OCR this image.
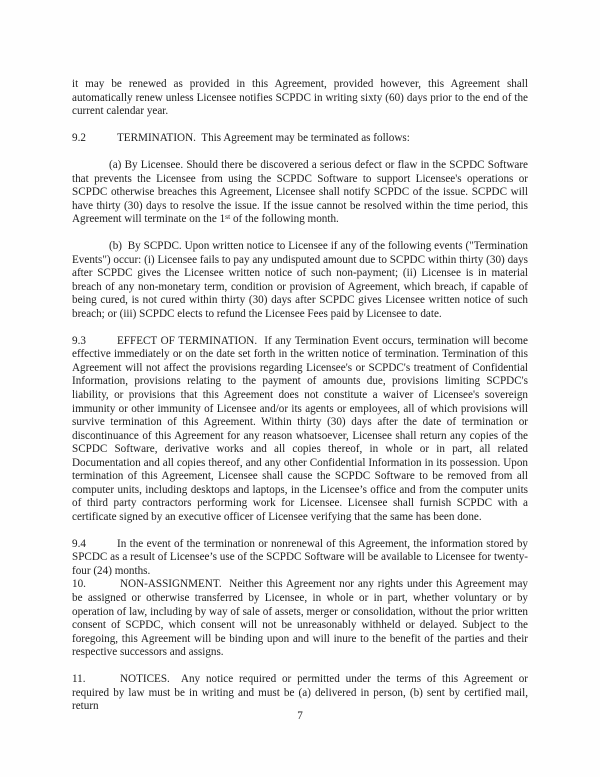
it may be renewed as provided in this Agreement, provided however, this Agreement shall automatically renew unless Licensee notifies SCPDC in writing sixty (60) days prior to the end of the current calendar year.

9.2	TERMINATION. This Agreement may be terminated as follows:

(a) By Licensee. Should there be discovered a serious defect or flaw in the SCPDC Software that prevents the Licensee from using the SCPDC Software to support Licensee's operations or SCPDC otherwise breaches this Agreement, Licensee shall notify SCPDC of the issue. SCPDC will have thirty (30) days to resolve the issue. If the issue cannot be resolved within the time period, this Agreement will terminate on the 1st of the following month.

(b) By SCPDC. Upon written notice to Licensee if any of the following events ("Termination Events") occur: (i) Licensee fails to pay any undisputed amount due to SCPDC within thirty (30) days after SCPDC gives the Licensee written notice of such non-payment; (ii) Licensee is in material breach of any non-monetary term, condition or provision of Agreement, which breach, if capable of being cured, is not cured within thirty (30) days after SCPDC gives Licensee written notice of such breach; or (iii) SCPDC elects to refund the Licensee Fees paid by Licensee to date.

9.3	EFFECT OF TERMINATION. If any Termination Event occurs, termination will become effective immediately or on the date set forth in the written notice of termination. Termination of this Agreement will not affect the provisions regarding Licensee's or SCPDC's treatment of Confidential Information, provisions relating to the payment of amounts due, provisions limiting SCPDC's liability, or provisions that this Agreement does not constitute a waiver of Licensee's sovereign immunity or other immunity of Licensee and/or its agents or employees, all of which provisions will survive termination of this Agreement. Within thirty (30) days after the date of termination or discontinuance of this Agreement for any reason whatsoever, Licensee shall return any copies of the SCPDC Software, derivative works and all copies thereof, in whole or in part, all related Documentation and all copies thereof, and any other Confidential Information in its possession. Upon termination of this Agreement, Licensee shall cause the SCPDC Software to be removed from all computer units, including desktops and laptops, in the Licensee’s office and from the computer units of third party contractors performing work for Licensee. Licensee shall furnish SCPDC with a certificate signed by an executive officer of Licensee verifying that the same has been done.

9.4	In the event of the termination or nonrenewal of this Agreement, the information stored by SPCDC as a result of Licensee’s use of the SCPDC Software will be available to Licensee for twenty-four (24) months.

10.	NON-ASSIGNMENT. Neither this Agreement nor any rights under this Agreement may be assigned or otherwise transferred by Licensee, in whole or in part, whether voluntary or by operation of law, including by way of sale of assets, merger or consolidation, without the prior written consent of SCPDC, which consent will not be unreasonably withheld or delayed. Subject to the foregoing, this Agreement will be binding upon and will inure to the benefit of the parties and their respective successors and assigns.

11.	NOTICES. Any notice required or permitted under the terms of this Agreement or required by law must be in writing and must be (a) delivered in person, (b) sent by certified mail, return

7
